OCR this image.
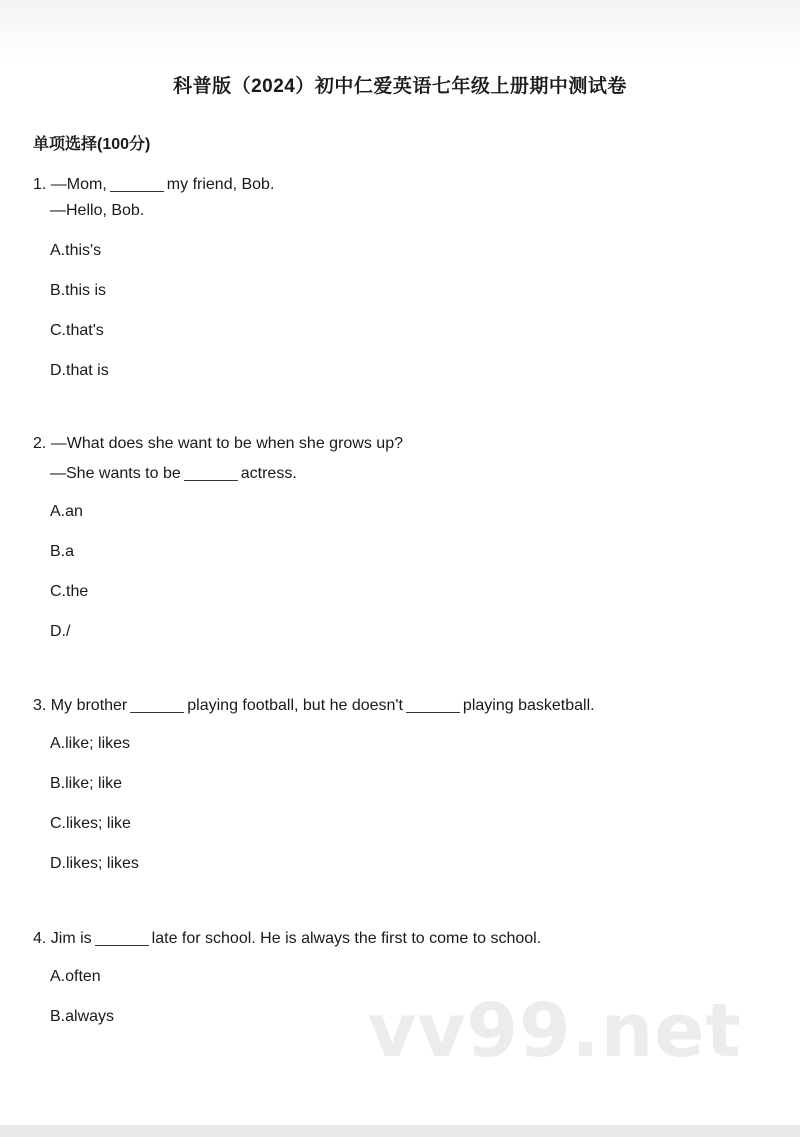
科普版（2024）初中仁爱英语七年级上册期中测试卷
单项选择(100分)
1. —Mom,	my friend, Bob.
—Hello, Bob.
A.this's
B.this is
C.that's
D.that is
2. —What does she want to be when she grows up?
—She wants to be	actress.
A.an
B.a
C.the
D./
3. My brother	playing football, but he doesn't	playing basketball.
A.like; likes
B.like; like
C.likes; like
D.likes; likes
4. Jim is	late for school. He is always the first to come to school.
A.often
B.always	vv99.net
